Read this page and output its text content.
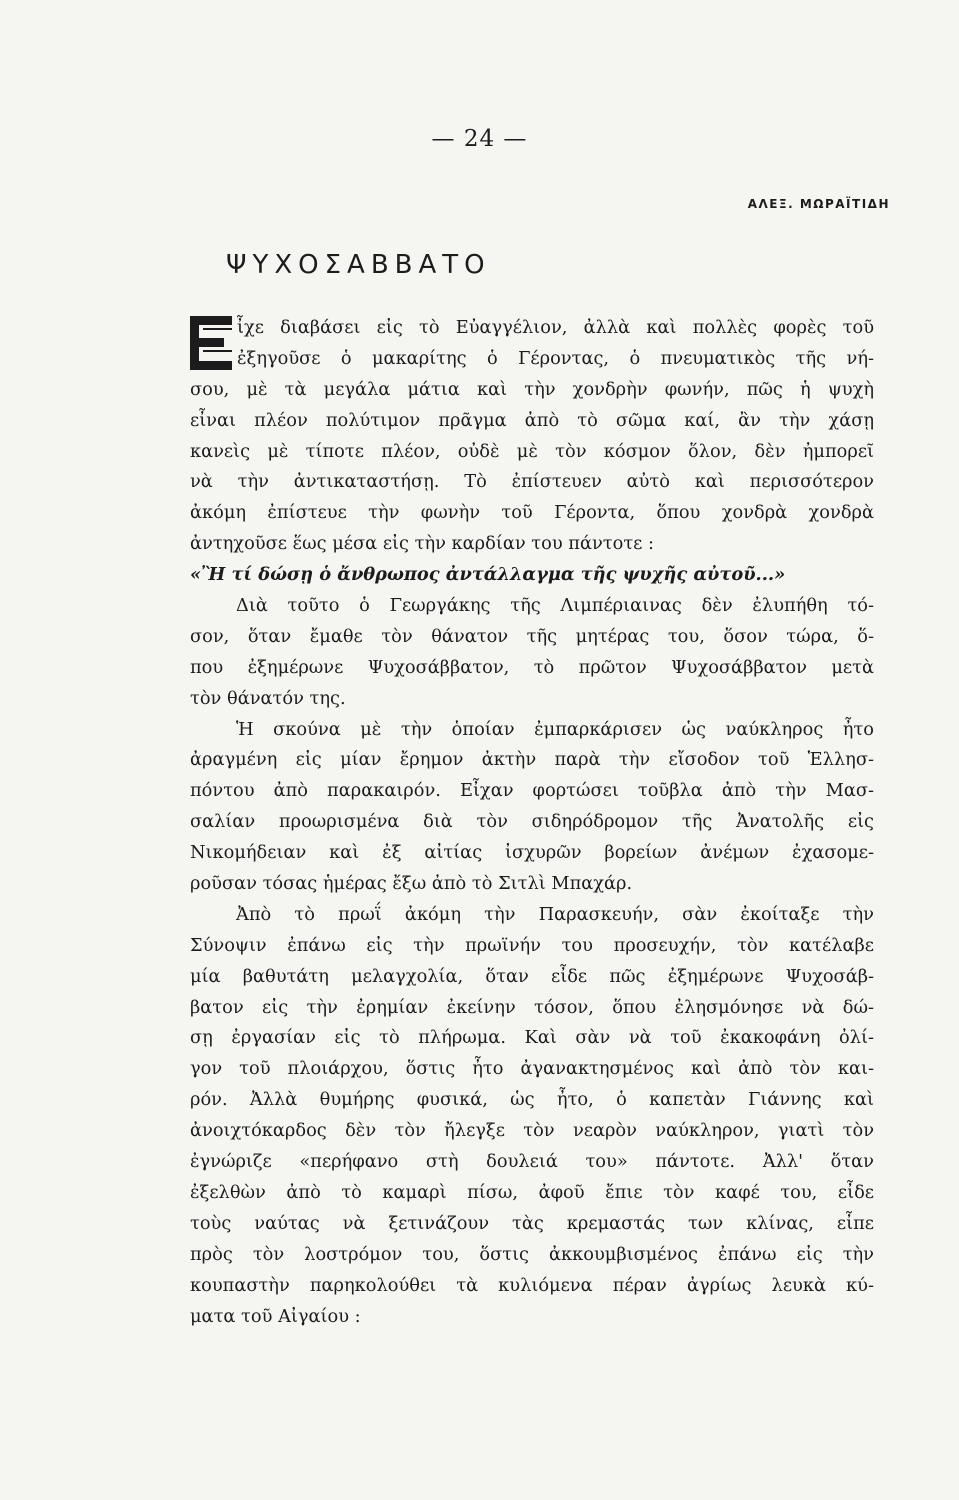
— 24 —
ΑΛΕΞ. ΜΩΡΑΪΤΙΔΗ
ΨΥΧΟΣΑΒΒΑΤΟ
ἶχε διαβάσει εἰς τὸ Εὐαγγέλιον, ἀλλὰ καὶ πολλὲς φορὲς τοῦ
ἐξηγοῦσε ὁ μακαρίτης ὁ Γέροντας, ὁ πνευματικὸς τῆς νή-
σου, μὲ τὰ μεγάλα μάτια καὶ τὴν χονδρὴν φωνήν, πῶς ἡ ψυχὴ
εἶναι πλέον πολύτιμον πρᾶγμα ἀπὸ τὸ σῶμα καί, ἂν τὴν χάσῃ
κανεὶς μὲ τίποτε πλέον, οὐδὲ μὲ τὸν κόσμον ὅλον, δὲν ἠμπορεῖ
νὰ τὴν ἀντικαταστήσῃ. Τὸ ἐπίστευεν αὐτὸ καὶ περισσότερον
ἀκόμη ἐπίστευε τὴν φωνὴν τοῦ Γέροντα, ὅπου χονδρὰ χονδρὰ
ἀντηχοῦσε ἕως μέσα εἰς τὴν καρδίαν του πάντοτε :
«Ἢ τί δώσῃ ὁ ἄνθρωπος ἀντάλλαγμα τῆς ψυχῆς αὐτοῦ...»
Διὰ τοῦτο ὁ Γεωργάκης τῆς Λιμπέριαινας δὲν ἐλυπήθη τό-
σον, ὅταν ἔμαθε τὸν θάνατον τῆς μητέρας του, ὅσον τώρα, ὅ-
που ἐξημέρωνε Ψυχοσάββατον, τὸ πρῶτον Ψυχοσάββατον μετὰ
τὸν θάνατόν της.
Ἡ σκούνα μὲ τὴν ὁποίαν ἐμπαρκάρισεν ὡς ναύκληρος ἦτο
ἀραγμένη εἰς μίαν ἔρημον ἀκτὴν παρὰ τὴν εἴσοδον τοῦ Ἑλλησ-
πόντου ἀπὸ παρακαιρόν. Εἶχαν φορτώσει τοῦβλα ἀπὸ τὴν Μασ-
σαλίαν προωρισμένα διὰ τὸν σιδηρόδρομον τῆς Ἀνατολῆς εἰς
Νικομήδειαν καὶ ἐξ αἰτίας ἰσχυρῶν βορείων ἀνέμων ἐχασομε-
ροῦσαν τόσας ἡμέρας ἔξω ἀπὸ τὸ Σιτλὶ Μπαχάρ.
Ἀπὸ τὸ πρωΐ ἀκόμη τὴν Παρασκευήν, σὰν ἐκοίταξε τὴν
Σύνοψιν ἐπάνω εἰς τὴν πρωϊνήν του προσευχήν, τὸν κατέλαβε
μία βαθυτάτη μελαγχολία, ὅταν εἶδε πῶς ἐξημέρωνε Ψυχοσάβ-
βατον εἰς τὴν ἐρημίαν ἐκείνην τόσον, ὅπου ἐλησμόνησε νὰ δώ-
σῃ ἐργασίαν εἰς τὸ πλήρωμα. Καὶ σὰν νὰ τοῦ ἐκακοφάνη ὀλί-
γον τοῦ πλοιάρχου, ὅστις ἦτο ἀγανακτησμένος καὶ ἀπὸ τὸν και-
ρόν. Ἀλλὰ θυμήρης φυσικά, ὡς ἦτο, ὁ καπετὰν Γιάννης καὶ
ἀνοιχτόκαρδος δὲν τὸν ἤλεγξε τὸν νεαρὸν ναύκληρον, γιατὶ τὸν
ἐγνώριζε «περήφανο στὴ δουλειά του» πάντοτε. Ἀλλ' ὅταν
ἐξελθὼν ἀπὸ τὸ καμαρὶ πίσω, ἀφοῦ ἔπιε τὸν καφέ του, εἶδε
τοὺς ναύτας νὰ ξετινάζουν τὰς κρεμαστάς των κλίνας, εἶπε
πρὸς τὸν λοστρόμον του, ὅστις ἀκκουμβισμένος ἐπάνω εἰς τὴν
κουπαστὴν παρηκολούθει τὰ κυλιόμενα πέραν ἀγρίως λευκὰ κύ-
ματα τοῦ Αἰγαίου :
